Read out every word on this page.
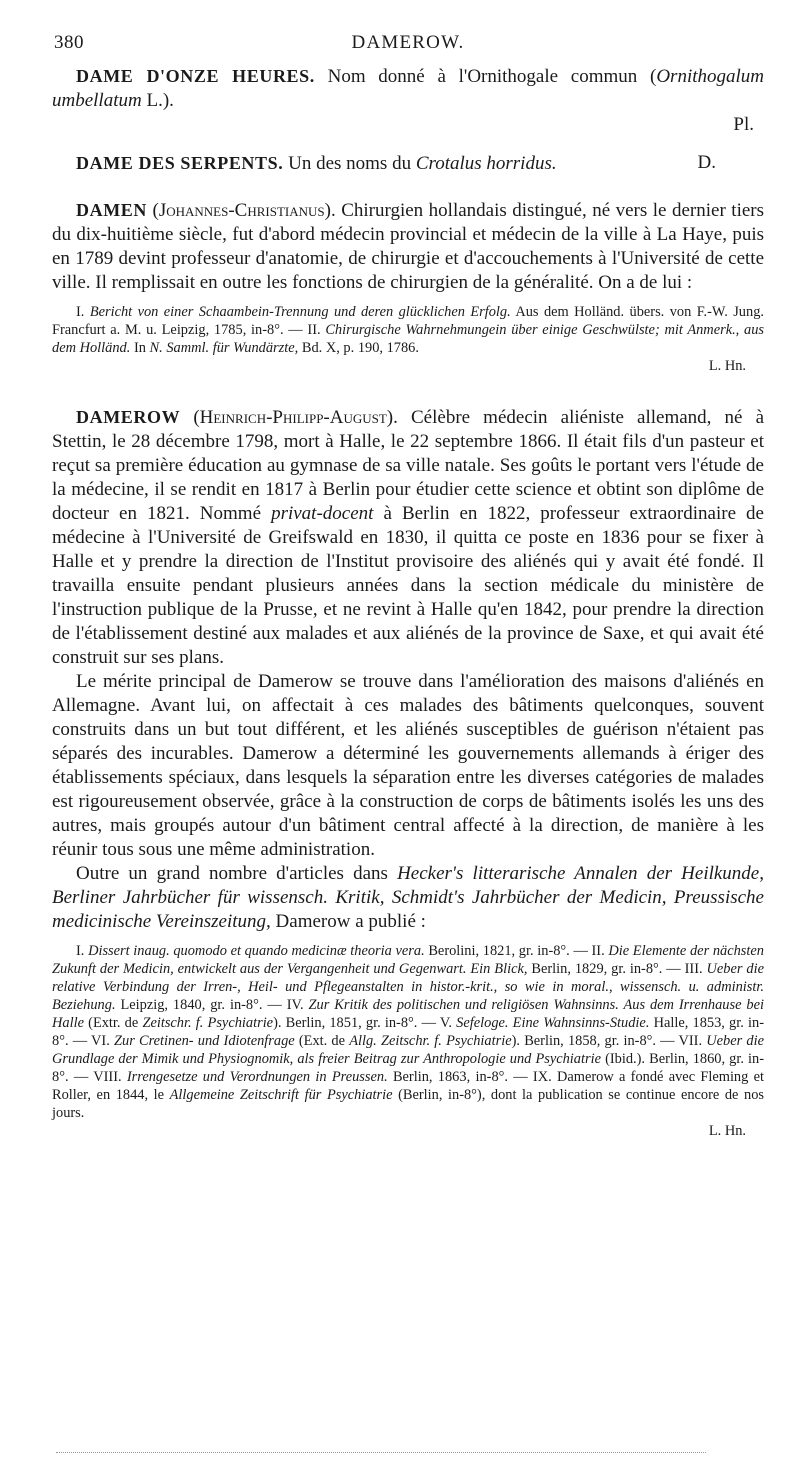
380	DAMEROW.

DAME D'ONZE HEURES. Nom donné à l'Ornithogale commun (Ornithogalum umbellatum L.).

Pl.

DAME DES SERPENTS. Un des noms du Crotalus horridus.	D.

DAMEN (Johannes-Christianus). Chirurgien hollandais distingué, né vers le dernier tiers du dix-huitième siècle, fut d'abord médecin provincial et médecin de la ville à La Haye, puis en 1789 devint professeur d'anatomie, de chirurgie et d'accouchements à l'Université de cette ville. Il remplissait en outre les fonctions de chirurgien de la généralité. On a de lui :

I. Bericht von einer Schaambein-Trennung und deren glücklichen Erfolg. Aus dem Holländ. übers. von F.-W. Jung. Francfurt a. M. u. Leipzig, 1785, in-8°. — II. Chirurgische Wahrnehmungein über einige Geschwülste; mit Anmerk., aus dem Holländ. In N. Samml. für Wundärzte, Bd. X, p. 190, 1786.

L. Hn.

DAMEROW (Heinrich-Philipp-August). Célèbre médecin aliéniste allemand, né à Stettin, le 28 décembre 1798, mort à Halle, le 22 septembre 1866. Il était fils d'un pasteur et reçut sa première éducation au gymnase de sa ville natale. Ses goûts le portant vers l'étude de la médecine, il se rendit en 1817 à Berlin pour étudier cette science et obtint son diplôme de docteur en 1821. Nommé privat-docent à Berlin en 1822, professeur extraordinaire de médecine à l'Université de Greifswald en 1830, il quitta ce poste en 1836 pour se fixer à Halle et y prendre la direction de l'Institut provisoire des aliénés qui y avait été fondé. Il travailla ensuite pendant plusieurs années dans la section médicale du ministère de l'instruction publique de la Prusse, et ne revint à Halle qu'en 1842, pour prendre la direction de l'établissement destiné aux malades et aux aliénés de la province de Saxe, et qui avait été construit sur ses plans.

Le mérite principal de Damerow se trouve dans l'amélioration des maisons d'aliénés en Allemagne. Avant lui, on affectait à ces malades des bâtiments quelconques, souvent construits dans un but tout différent, et les aliénés susceptibles de guérison n'étaient pas séparés des incurables. Damerow a déterminé les gouvernements allemands à ériger des établissements spéciaux, dans lesquels la séparation entre les diverses catégories de malades est rigoureusement observée, grâce à la construction de corps de bâtiments isolés les uns des autres, mais groupés autour d'un bâtiment central affecté à la direction, de manière à les réunir tous sous une même administration.

Outre un grand nombre d'articles dans Hecker's litterarische Annalen der Heilkunde, Berliner Jahrbücher für wissensch. Kritik, Schmidt's Jahrbücher der Medicin, Preussische medicinische Vereinszeitung, Damerow a publié :

I. Dissert inaug. quomodo et quando medicinæ theoria vera. Berolini, 1821, gr. in-8°. — II. Die Elemente der nächsten Zukunft der Medicin, entwickelt aus der Vergangenheit und Gegenwart. Ein Blick, Berlin, 1829, gr. in-8°. — III. Ueber die relative Verbindung der Irren-, Heil- und Pflegeanstalten in histor.-krit., so wie in moral., wissensch. u. administr. Beziehung. Leipzig, 1840, gr. in-8°. — IV. Zur Kritik des politischen und religiösen Wahnsinns. Aus dem Irrenhause bei Halle (Extr. de Zeitschr. f. Psychiatrie). Berlin, 1851, gr. in-8°. — V. Sefeloge. Eine Wahnsinns-Studie. Halle, 1853, gr. in-8°. — VI. Zur Cretinen- und Idiotenfrage (Ext. de Allg. Zeitschr. f. Psychiatrie). Berlin, 1858, gr. in-8°. — VII. Ueber die Grundlage der Mimik und Physiognomik, als freier Beitrag zur Anthropologie und Psychiatrie (Ibid.). Berlin, 1860, gr. in-8°. — VIII. Irrengesetze und Verordnungen in Preussen. Berlin, 1863, in-8°. — IX. Damerow a fondé avec Fleming et Roller, en 1844, le Allgemeine Zeitschrift für Psychiatrie (Berlin, in-8°), dont la publication se continue encore de nos jours.

L. Hn.
